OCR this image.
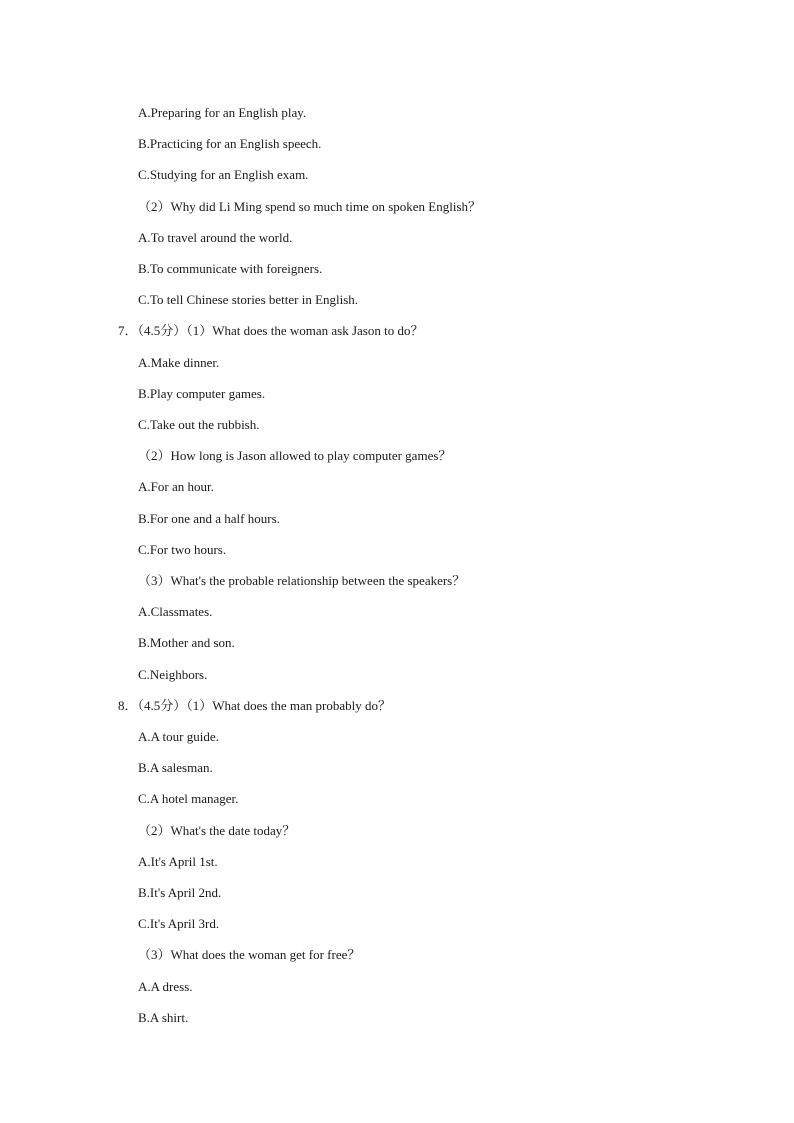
A.Preparing for an English play.
B.Practicing for an English speech.
C.Studying for an English exam.
（2）Why did Li Ming spend so much time on spoken English？
A.To travel around the world.
B.To communicate with foreigners.
C.To tell Chinese stories better in English.
7．（4.5分）（1）What does the woman ask Jason to do？
A.Make dinner.
B.Play computer games.
C.Take out the rubbish.
（2）How long is Jason allowed to play computer games？
A.For an hour.
B.For one and a half hours.
C.For two hours.
（3）What's the probable relationship between the speakers？
A.Classmates.
B.Mother and son.
C.Neighbors.
8．（4.5分）（1）What does the man probably do？
A.A tour guide.
B.A salesman.
C.A hotel manager.
（2）What's the date today？
A.It's April 1st.
B.It's April 2nd.
C.It's April 3rd.
（3）What does the woman get for free？
A.A dress.
B.A shirt.
